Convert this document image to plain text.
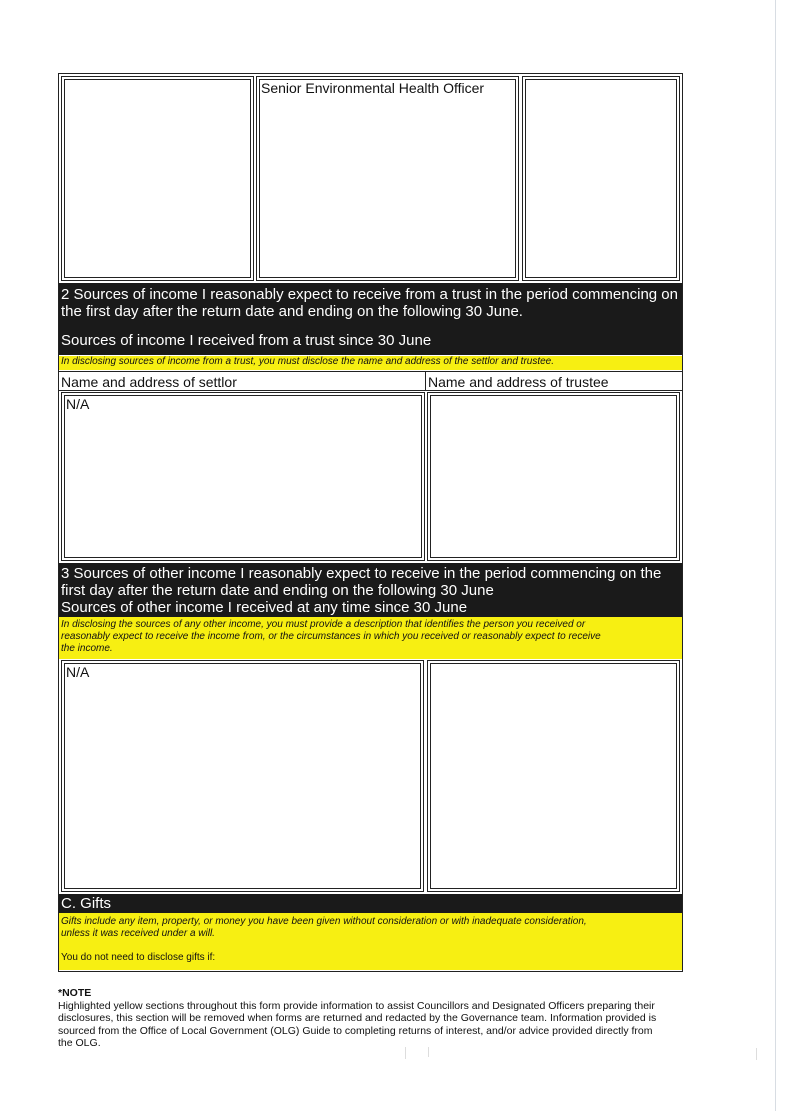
Senior Environmental Health Officer
2 Sources of income I reasonably expect to receive from a trust in the period commencing on
the first day after the return date and ending on the following 30 June.
Sources of income I received from a trust since 30 June
In disclosing sources of income from a trust, you must disclose the name and address of the settlor and trustee.
Name and address of settlor	Name and address of trustee
N/A
3 Sources of other income I reasonably expect to receive in the period commencing on the
first day after the return date and ending on the following 30 June
Sources of other income I received at any time since 30 June
In disclosing the sources of any other income, you must provide a description that identifies the person you received or
reasonably expect to receive the income from, or the circumstances in which you received or reasonably expect to receive
the income.
N/A
C. Gifts
Gifts include any item, property, or money you have been given without consideration or with inadequate consideration,
unless it was received under a will.
You do not need to disclose gifts if:
*NOTE
Highlighted yellow sections throughout this form provide information to assist Councillors and Designated Officers preparing their
disclosures, this section will be removed when forms are returned and redacted by the Governance team. Information provided is
sourced from the Office of Local Government (OLG) Guide to completing returns of interest, and/or advice provided directly from
the OLG.
